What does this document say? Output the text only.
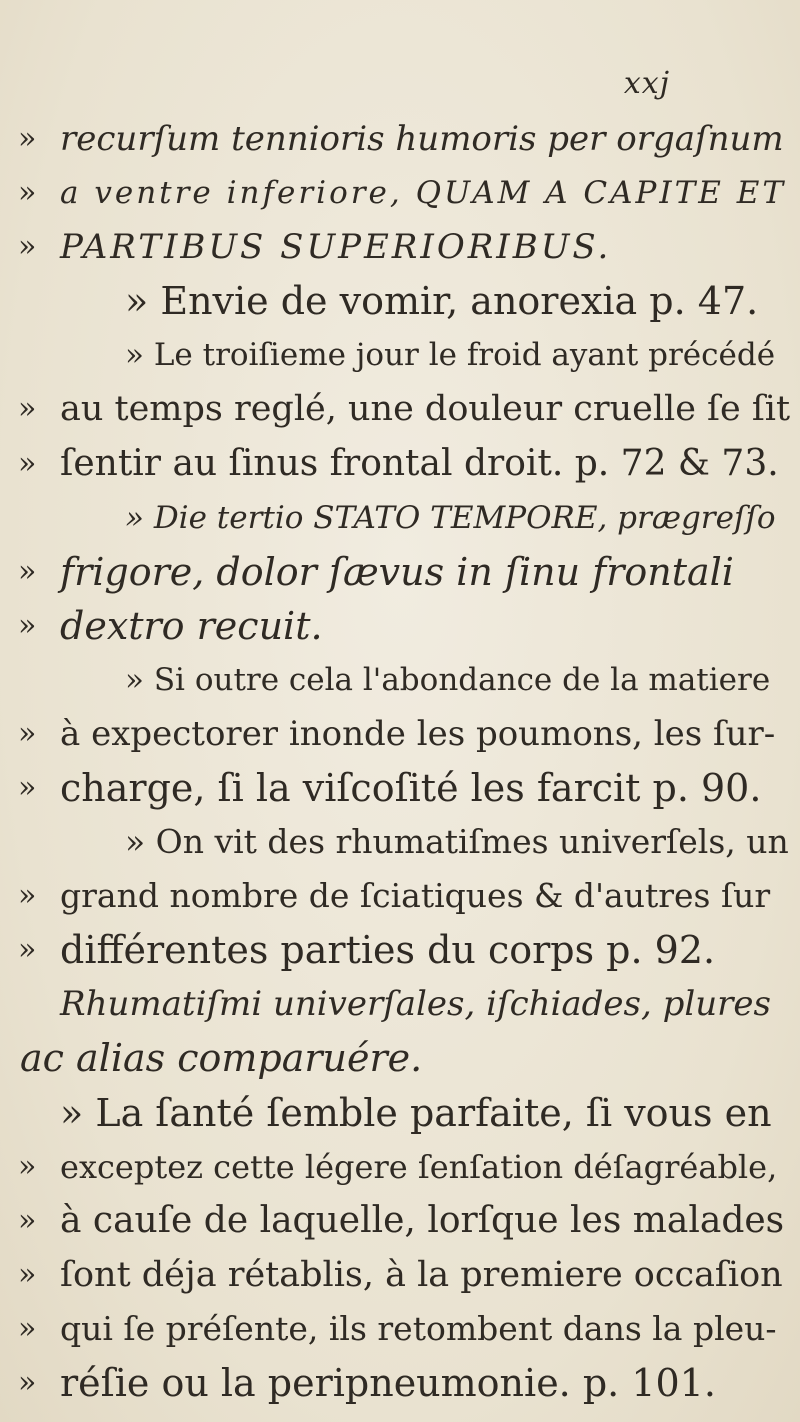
xxj
» recurſum tennioris humoris per orgaſnum
» a ventre inferiore, QUAM A CAPITE ET
» PARTIBUS SUPERIORIBUS.
» Envie de vomir, anorexia p. 47.
» Le troiſieme jour le froid ayant précédé
» au temps reglé, une douleur cruelle ſe ſit
» ſentir au ſinus frontal droit. p. 72 & 73.
» Die tertio STATO TEMPORE, prægreſſo
» frigore, dolor ſævus in ſinu frontali
» dextro recuit.
» Si outre cela l'abondance de la matiere
» à expectorer inonde les poumons, les ſur-
» charge, ſi la viſcoſité les farcit p. 90.
» On vit des rhumatiſmes univerſels, un
» grand nombre de ſciatiques & d'autres ſur
» différentes parties du corps p. 92.
Rhumatiſmi univerſales, iſchiades, plures
ac alias comparuére.
» La ſanté ſemble parfaite, ſi vous en
» exceptez cette légere ſenſation déſagréable,
» à cauſe de laquelle, lorſque les malades
» ſont déja rétablis, à la premiere occaſion
» qui ſe préſente, ils retombent dans la pleu-
» réſie ou la peripneumonie. p. 101.
